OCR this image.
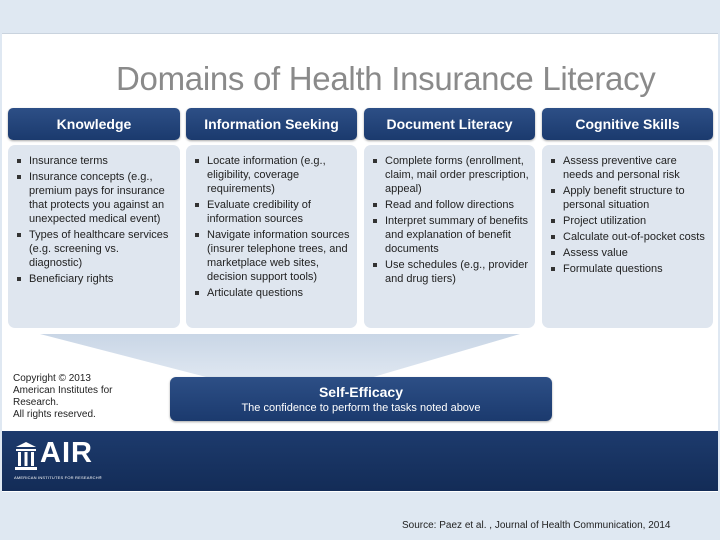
Domains of Health Insurance Literacy
Knowledge	Information Seeking	Document Literacy	Cognitive Skills
Insurance terms
Insurance concepts (e.g., premium pays for insurance that protects you against an unexpected medical event)
Types of healthcare services (e.g. screening vs. diagnostic)
Beneficiary rights
Locate information (e.g., eligibility, coverage requirements)
Evaluate credibility of information sources
Navigate information sources (insurer telephone trees, and marketplace web sites, decision support tools)
Articulate questions
Complete forms (enrollment, claim, mail order prescription, appeal)
Read and follow directions
Interpret summary of benefits and explanation of benefit documents
Use schedules (e.g., provider and drug tiers)
Assess preventive care needs and personal risk
Apply benefit structure to personal situation
Project utilization
Calculate out-of-pocket costs
Assess value
Formulate questions
Copyright © 2013
American Institutes for
Research.
All rights reserved.
Self-Efficacy
The confidence to perform the tasks noted above
AIR
AMERICAN INSTITUTES FOR RESEARCH®
Source: Paez et al. , Journal of Health Communication, 2014
